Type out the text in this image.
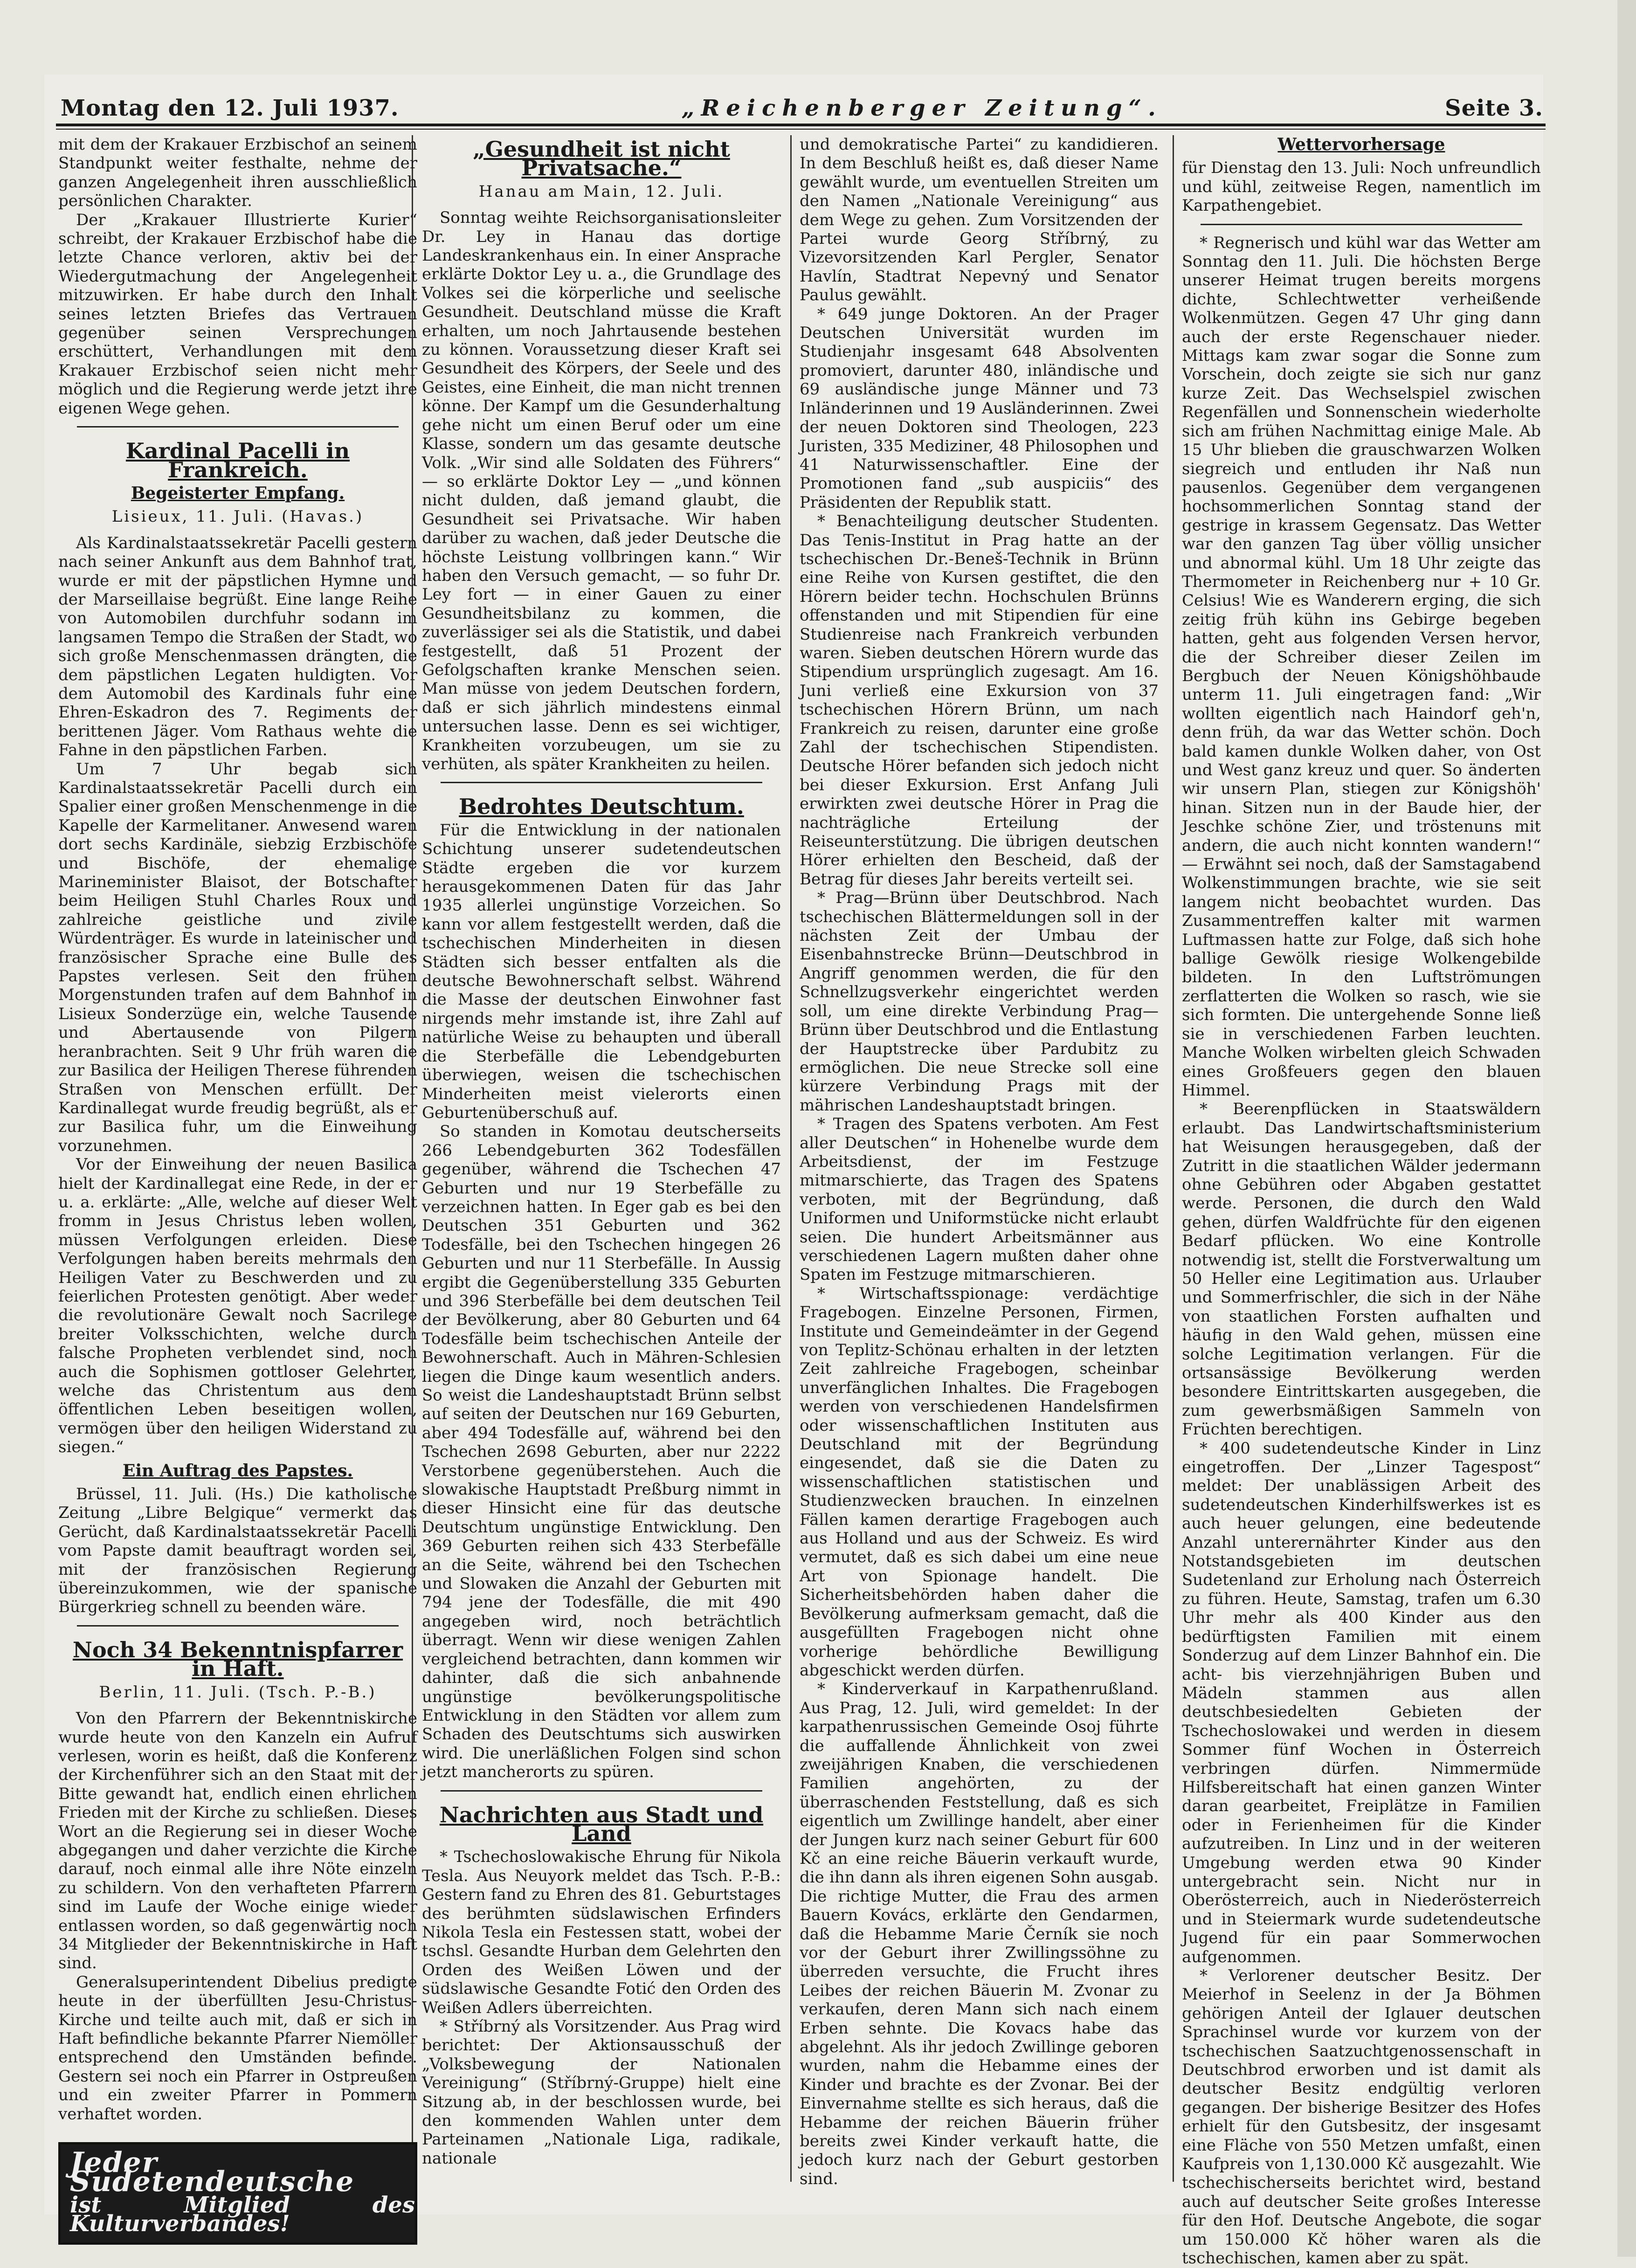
Montag den 12. Juli 1937.	„Reichenberger Zeitung“.	Seite 3.

mit dem der Krakauer Erzbischof an seinem Standpunkt weiter festhalte, nehme der ganzen Angelegenheit ihren ausschließlich persönlichen Charakter.

Der „Krakauer Illustrierte Kurier“ schreibt, der Krakauer Erzbischof habe die letzte Chance verloren, aktiv bei der Wiedergutmachung der Angelegenheit mitzuwirken. Er habe durch den Inhalt seines letzten Briefes das Vertrauen gegenüber seinen Versprechungen erschüttert, Verhandlungen mit dem Krakauer Erzbischof seien nicht mehr möglich und die Regierung werde jetzt ihre eigenen Wege gehen.

Kardinal Pacelli in Frankreich.
Begeisterter Empfang.
Lisieux, 11. Juli. (Havas.)

Als Kardinalstaatssekretär Pacelli gestern nach seiner Ankunft aus dem Bahnhof trat, wurde er mit der päpstlichen Hymne und der Marseillaise begrüßt. Eine lange Reihe von Automobilen durchfuhr sodann im langsamen Tempo die Straßen der Stadt, wo sich große Menschenmassen drängten, die dem päpstlichen Legaten huldigten. Vor dem Automobil des Kardinals fuhr eine Ehren-Eskadron des 7. Regiments der berittenen Jäger. Vom Rathaus wehte die Fahne in den päpstlichen Farben.

Um 7 Uhr begab sich Kardinalstaatssekretär Pacelli durch ein Spalier einer großen Menschenmenge in die Kapelle der Karmelitaner. Anwesend waren dort sechs Kardinäle, siebzig Erzbischöfe und Bischöfe, der ehemalige Marineminister Blaisot, der Botschafter beim Heiligen Stuhl Charles Roux und zahlreiche geistliche und zivile Würdenträger. Es wurde in lateinischer und französischer Sprache eine Bulle des Papstes verlesen. Seit den frühen Morgenstunden trafen auf dem Bahnhof in Lisieux Sonderzüge ein, welche Tausende und Abertausende von Pilgern heranbrachten. Seit 9 Uhr früh waren die zur Basilica der Heiligen Therese führenden Straßen von Menschen erfüllt. Der Kardinallegat wurde freudig begrüßt, als er zur Basilica fuhr, um die Einweihung vorzunehmen.

Vor der Einweihung der neuen Basilica hielt der Kardinallegat eine Rede, in der er u. a. erklärte: „Alle, welche auf dieser Welt fromm in Jesus Christus leben wollen, müssen Verfolgungen erleiden. Diese Verfolgungen haben bereits mehrmals den Heiligen Vater zu Beschwerden und zu feierlichen Protesten genötigt. Aber weder die revolutionäre Gewalt noch Sacrilege breiter Volksschichten, welche durch falsche Propheten verblendet sind, noch auch die Sophismen gottloser Gelehrter, welche das Christentum aus dem öffentlichen Leben beseitigen wollen, vermögen über den heiligen Widerstand zu siegen.“

Ein Auftrag des Papstes.

Brüssel, 11. Juli. (Hs.) Die katholische Zeitung „Libre Belgique“ vermerkt das Gerücht, daß Kardinalstaatssekretär Pacelli vom Papste damit beauftragt worden sei, mit der französischen Regierung übereinzukommen, wie der spanische Bürgerkrieg schnell zu beenden wäre.

Noch 34 Bekenntnispfarrer in Haft.
Berlin, 11. Juli. (Tsch. P.-B.)

Von den Pfarrern der Bekenntniskirche wurde heute von den Kanzeln ein Aufruf verlesen, worin es heißt, daß die Konferenz der Kirchenführer sich an den Staat mit der Bitte gewandt hat, endlich einen ehrlichen Frieden mit der Kirche zu schließen. Dieses Wort an die Regierung sei in dieser Woche abgegangen und daher verzichte die Kirche darauf, noch einmal alle ihre Nöte einzeln zu schildern. Von den verhafteten Pfarrern sind im Laufe der Woche einige wieder entlassen worden, so daß gegenwärtig noch 34 Mitglieder der Bekenntniskirche in Haft sind.

Generalsuperintendent Dibelius predigte heute in der überfüllten Jesu-Christus-Kirche und teilte auch mit, daß er sich in Haft befindliche bekannte Pfarrer Niemöller entsprechend den Umständen befinde. Gestern sei noch ein Pfarrer in Ostpreußen und ein zweiter Pfarrer in Pommern verhaftet worden.

Jeder Sudetendeutsche
ist Mitglied des Kulturverbandes!
„Gesundheit ist nicht Privatsache.“
Hanau am Main, 12. Juli.

Sonntag weihte Reichsorganisationsleiter Dr. Ley in Hanau das dortige Landeskrankenhaus ein. In einer Ansprache erklärte Doktor Ley u. a., die Grundlage des Volkes sei die körperliche und seelische Gesundheit. Deutschland müsse die Kraft erhalten, um noch Jahrtausende bestehen zu können. Voraussetzung dieser Kraft sei Gesundheit des Körpers, der Seele und des Geistes, eine Einheit, die man nicht trennen könne. Der Kampf um die Gesunderhaltung gehe nicht um einen Beruf oder um eine Klasse, sondern um das gesamte deutsche Volk. „Wir sind alle Soldaten des Führers“ — so erklärte Doktor Ley — „und können nicht dulden, daß jemand glaubt, die Gesundheit sei Privatsache. Wir haben darüber zu wachen, daß jeder Deutsche die höchste Leistung vollbringen kann.“ Wir haben den Versuch gemacht, — so fuhr Dr. Ley fort — in einer Gauen zu einer Gesundheitsbilanz zu kommen, die zuverlässiger sei als die Statistik, und dabei festgestellt, daß 51 Prozent der Gefolgschaften kranke Menschen seien. Man müsse von jedem Deutschen fordern, daß er sich jährlich mindestens einmal untersuchen lasse. Denn es sei wichtiger, Krankheiten vorzubeugen, um sie zu verhüten, als später Krankheiten zu heilen.

Bedrohtes Deutschtum.

Für die Entwicklung in der nationalen Schichtung unserer sudetendeutschen Städte ergeben die vor kurzem herausgekommenen Daten für das Jahr 1935 allerlei ungünstige Vorzeichen. So kann vor allem festgestellt werden, daß die tschechischen Minderheiten in diesen Städten sich besser entfalten als die deutsche Bewohnerschaft selbst. Während die Masse der deutschen Einwohner fast nirgends mehr imstande ist, ihre Zahl auf natürliche Weise zu behaupten und überall die Sterbefälle die Lebendgeburten überwiegen, weisen die tschechischen Minderheiten meist vielerorts einen Geburtenüberschuß auf.

So standen in Komotau deutscherseits 266 Lebendgeburten 362 Todesfällen gegenüber, während die Tschechen 47 Geburten und nur 19 Sterbefälle zu verzeichnen hatten. In Eger gab es bei den Deutschen 351 Geburten und 362 Todesfälle, bei den Tschechen hingegen 26 Geburten und nur 11 Sterbefälle. In Aussig ergibt die Gegenüberstellung 335 Geburten und 396 Sterbefälle bei dem deutschen Teil der Bevölkerung, aber 80 Geburten und 64 Todesfälle beim tschechischen Anteile der Bewohnerschaft. Auch in Mähren-Schlesien liegen die Dinge kaum wesentlich anders. So weist die Landeshauptstadt Brünn selbst auf seiten der Deutschen nur 169 Geburten, aber 494 Todesfälle auf, während bei den Tschechen 2698 Geburten, aber nur 2222 Verstorbene gegenüberstehen. Auch die slowakische Hauptstadt Preßburg nimmt in dieser Hinsicht eine für das deutsche Deutschtum ungünstige Entwicklung. Den 369 Geburten reihen sich 433 Sterbefälle an die Seite, während bei den Tschechen und Slowaken die Anzahl der Geburten mit 794 jene der Todesfälle, die mit 490 angegeben wird, noch beträchtlich überragt. Wenn wir diese wenigen Zahlen vergleichend betrachten, dann kommen wir dahinter, daß die sich anbahnende ungünstige bevölkerungspolitische Entwicklung in den Städten vor allem zum Schaden des Deutschtums sich auswirken wird. Die unerläßlichen Folgen sind schon jetzt mancherorts zu spüren.

Nachrichten aus Stadt und Land

* Tschechoslowakische Ehrung für Nikola Tesla. Aus Neuyork meldet das Tsch. P.-B.: Gestern fand zu Ehren des 81. Geburtstages des berühmten südslawischen Erfinders Nikola Tesla ein Festessen statt, wobei der tschsl. Gesandte Hurban dem Gelehrten den Orden des Weißen Löwen und der südslawische Gesandte Fotić den Orden des Weißen Adlers überreichten.

* Stříbrný als Vorsitzender. Aus Prag wird berichtet: Der Aktionsausschuß der „Volksbewegung der Nationalen Vereinigung“ (Stříbrný-Gruppe) hielt eine Sitzung ab, in der beschlossen wurde, bei den kommenden Wahlen unter dem Parteinamen „Nationale Liga, radikale, nationale

und demokratische Partei“ zu kandidieren. In dem Beschluß heißt es, daß dieser Name gewählt wurde, um eventuellen Streiten um den Namen „Nationale Vereinigung“ aus dem Wege zu gehen. Zum Vorsitzenden der Partei wurde Georg Stříbrný, zu Vizevorsitzenden Karl Pergler, Senator Havlín, Stadtrat Nepevný und Senator Paulus gewählt.

* 649 junge Doktoren. An der Prager Deutschen Universität wurden im Studienjahr insgesamt 648 Absolventen promoviert, darunter 480, inländische und 69 ausländische junge Männer und 73 Inländerinnen und 19 Ausländerinnen. Zwei der neuen Doktoren sind Theologen, 223 Juristen, 335 Mediziner, 48 Philosophen und 41 Naturwissenschaftler. Eine der Promotionen fand „sub auspiciis“ des Präsidenten der Republik statt.

* Benachteiligung deutscher Studenten. Das Tenis-Institut in Prag hatte an der tschechischen Dr.-Beneš-Technik in Brünn eine Reihe von Kursen gestiftet, die den Hörern beider techn. Hochschulen Brünns offenstanden und mit Stipendien für eine Studienreise nach Frankreich verbunden waren. Sieben deutschen Hörern wurde das Stipendium ursprünglich zugesagt. Am 16. Juni verließ eine Exkursion von 37 tschechischen Hörern Brünn, um nach Frankreich zu reisen, darunter eine große Zahl der tschechischen Stipendisten. Deutsche Hörer befanden sich jedoch nicht bei dieser Exkursion. Erst Anfang Juli erwirkten zwei deutsche Hörer in Prag die nachträgliche Erteilung der Reiseunterstützung. Die übrigen deutschen Hörer erhielten den Bescheid, daß der Betrag für dieses Jahr bereits verteilt sei.

* Prag—Brünn über Deutschbrod. Nach tschechischen Blättermeldungen soll in der nächsten Zeit der Umbau der Eisenbahnstrecke Brünn—Deutschbrod in Angriff genommen werden, die für den Schnellzugsverkehr eingerichtet werden soll, um eine direkte Verbindung Prag—Brünn über Deutschbrod und die Entlastung der Hauptstrecke über Pardubitz zu ermöglichen. Die neue Strecke soll eine kürzere Verbindung Prags mit der mährischen Landeshauptstadt bringen.

* Tragen des Spatens verboten. Am Fest aller Deutschen“ in Hohenelbe wurde dem Arbeitsdienst, der im Festzuge mitmarschierte, das Tragen des Spatens verboten, mit der Begründung, daß Uniformen und Uniformstücke nicht erlaubt seien. Die hundert Arbeitsmänner aus verschiedenen Lagern mußten daher ohne Spaten im Festzuge mitmarschieren.

* Wirtschaftsspionage: verdächtige Fragebogen. Einzelne Personen, Firmen, Institute und Gemeindeämter in der Gegend von Teplitz-Schönau erhalten in der letzten Zeit zahlreiche Fragebogen, scheinbar unverfänglichen Inhaltes. Die Fragebogen werden von verschiedenen Handelsfirmen oder wissenschaftlichen Instituten aus Deutschland mit der Begründung eingesendet, daß sie die Daten zu wissenschaftlichen statistischen und Studienzwecken brauchen. In einzelnen Fällen kamen derartige Fragebogen auch aus Holland und aus der Schweiz. Es wird vermutet, daß es sich dabei um eine neue Art von Spionage handelt. Die Sicherheitsbehörden haben daher die Bevölkerung aufmerksam gemacht, daß die ausgefüllten Fragebogen nicht ohne vorherige behördliche Bewilligung abgeschickt werden dürfen.

* Kinderverkauf in Karpathenrußland. Aus Prag, 12. Juli, wird gemeldet: In der karpathenrussischen Gemeinde Osoj führte die auffallende Ähnlichkeit von zwei zweijährigen Knaben, die verschiedenen Familien angehörten, zu der überraschenden Feststellung, daß es sich eigentlich um Zwillinge handelt, aber einer der Jungen kurz nach seiner Geburt für 600 Kč an eine reiche Bäuerin verkauft wurde, die ihn dann als ihren eigenen Sohn ausgab. Die richtige Mutter, die Frau des armen Bauern Kovács, erklärte den Gendarmen, daß die Hebamme Marie Černík sie noch vor der Geburt ihrer Zwillingssöhne zu überreden versuchte, die Frucht ihres Leibes der reichen Bäuerin M. Zvonar zu verkaufen, deren Mann sich nach einem Erben sehnte. Die Kovacs habe das abgelehnt. Als ihr jedoch Zwillinge geboren wurden, nahm die Hebamme eines der Kinder und brachte es der Zvonar. Bei der Einvernahme stellte es sich heraus, daß die Hebamme der reichen Bäuerin früher bereits zwei Kinder verkauft hatte, die jedoch kurz nach der Geburt gestorben sind.

Wettervorhersage

für Dienstag den 13. Juli: Noch unfreundlich und kühl, zeitweise Regen, namentlich im Karpathengebiet.

* Regnerisch und kühl war das Wetter am Sonntag den 11. Juli. Die höchsten Berge unserer Heimat trugen bereits morgens dichte, Schlechtwetter verheißende Wolkenmützen. Gegen 47 Uhr ging dann auch der erste Regenschauer nieder. Mittags kam zwar sogar die Sonne zum Vorschein, doch zeigte sie sich nur ganz kurze Zeit. Das Wechselspiel zwischen Regenfällen und Sonnenschein wiederholte sich am frühen Nachmittag einige Male. Ab 15 Uhr blieben die grauschwarzen Wolken siegreich und entluden ihr Naß nun pausenlos. Gegenüber dem vergangenen hochsommerlichen Sonntag stand der gestrige in krassem Gegensatz. Das Wetter war den ganzen Tag über völlig unsicher und abnormal kühl. Um 18 Uhr zeigte das Thermometer in Reichenberg nur + 10 Gr. Celsius! Wie es Wanderern erging, die sich zeitig früh kühn ins Gebirge begeben hatten, geht aus folgenden Versen hervor, die der Schreiber dieser Zeilen im Bergbuch der Neuen Königshöhbaude unterm 11. Juli eingetragen fand: „Wir wollten eigentlich nach Haindorf geh'n, denn früh, da war das Wetter schön. Doch bald kamen dunkle Wolken daher, von Ost und West ganz kreuz und quer. So änderten wir unsern Plan, stiegen zur Königshöh' hinan. Sitzen nun in der Baude hier, der Jeschke schöne Zier, und tröstenuns mit andern, die auch nicht konnten wandern!“ — Erwähnt sei noch, daß der Samstagabend Wolkenstimmungen brachte, wie sie seit langem nicht beobachtet wurden. Das Zusammentreffen kalter mit warmen Luftmassen hatte zur Folge, daß sich hohe ballige Gewölk riesige Wolkengebilde bildeten. In den Luftströmungen zerflatterten die Wolken so rasch, wie sie sich formten. Die untergehende Sonne ließ sie in verschiedenen Farben leuchten. Manche Wolken wirbelten gleich Schwaden eines Großfeuers gegen den blauen Himmel.

* Beerenpflücken in Staatswäldern erlaubt. Das Landwirtschaftsministerium hat Weisungen herausgegeben, daß der Zutritt in die staatlichen Wälder jedermann ohne Gebühren oder Abgaben gestattet werde. Personen, die durch den Wald gehen, dürfen Waldfrüchte für den eigenen Bedarf pflücken. Wo eine Kontrolle notwendig ist, stellt die Forstverwaltung um 50 Heller eine Legitimation aus. Urlauber und Sommerfrischler, die sich in der Nähe von staatlichen Forsten aufhalten und häufig in den Wald gehen, müssen eine solche Legitimation verlangen. Für die ortsansässige Bevölkerung werden besondere Eintrittskarten ausgegeben, die zum gewerbsmäßigen Sammeln von Früchten berechtigen.

* 400 sudetendeutsche Kinder in Linz eingetroffen. Der „Linzer Tagespost“ meldet: Der unablässigen Arbeit des sudetendeutschen Kinderhilfswerkes ist es auch heuer gelungen, eine bedeutende Anzahl unterernährter Kinder aus den Notstandsgebieten im deutschen Sudetenland zur Erholung nach Österreich zu führen. Heute, Samstag, trafen um 6.30 Uhr mehr als 400 Kinder aus den bedürftigsten Familien mit einem Sonderzug auf dem Linzer Bahnhof ein. Die acht- bis vierzehnjährigen Buben und Mädeln stammen aus allen deutschbesiedelten Gebieten der Tschechoslowakei und werden in diesem Sommer fünf Wochen in Österreich verbringen dürfen. Nimmermüde Hilfsbereitschaft hat einen ganzen Winter daran gearbeitet, Freiplätze in Familien oder in Ferienheimen für die Kinder aufzutreiben. In Linz und in der weiteren Umgebung werden etwa 90 Kinder untergebracht sein. Nicht nur in Oberösterreich, auch in Niederösterreich und in Steiermark wurde sudetendeutsche Jugend für ein paar Sommerwochen aufgenommen.

* Verlorener deutscher Besitz. Der Meierhof in Seelenz in der Ja Böhmen gehörigen Anteil der Iglauer deutschen Sprachinsel wurde vor kurzem von der tschechischen Saatzuchtgenossenschaft in Deutschbrod erworben und ist damit als deutscher Besitz endgültig verloren gegangen. Der bisherige Besitzer des Hofes erhielt für den Gutsbesitz, der insgesamt eine Fläche von 550 Metzen umfaßt, einen Kaufpreis von 1,130.000 Kč ausgezahlt. Wie tschechischerseits berichtet wird, bestand auch auf deutscher Seite großes Interesse für den Hof. Deutsche Angebote, die sogar um 150.000 Kč höher waren als die tschechischen, kamen aber zu spät.
